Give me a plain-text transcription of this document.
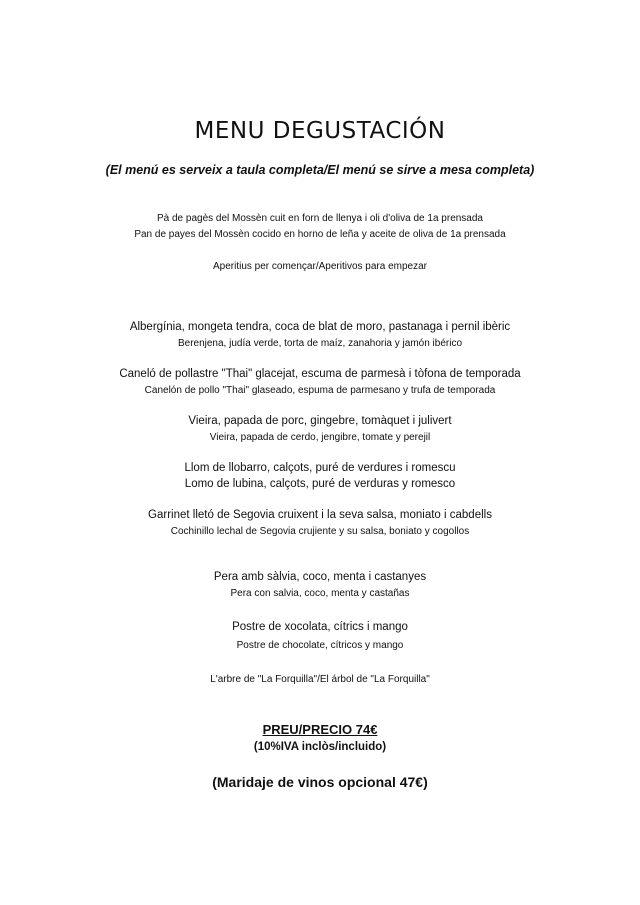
MENU DEGUSTACIÓN
(El menú es serveix a taula completa/El menú se sirve a mesa completa)
Pà de pagès del Mossèn cuit en forn de llenya i oli d'oliva de 1a prensada
Pan de payes del Mossèn cocido en horno de leña y aceite de oliva de 1a prensada
Aperitius per començar/Aperitivos para empezar
Albergínia, mongeta tendra, coca de blat de moro, pastanaga i pernil ibèric
Berenjena, judía verde, torta de maíz, zanahoria y jamón ibérico
Caneló de pollastre "Thai" glacejat, escuma de parmesà i tòfona de temporada
Canelón de pollo "Thai" glaseado, espuma de parmesano y trufa de temporada
Vieira, papada de porc, gingebre, tomàquet i julivert
Vieira, papada de cerdo, jengibre, tomate y perejil
Llom de llobarro, calçots, puré de verdures i romescu
Lomo de lubina, calçots, puré de verduras y romesco
Garrinet lletó de Segovia cruixent i la seva salsa, moniato i cabdells
Cochinillo lechal de Segovia crujiente y su salsa, boniato y cogollos
Pera amb sàlvia, coco, menta i castanyes
Pera con salvia, coco, menta y castañas
Postre de xocolata, cítrics i mango
Postre de chocolate, cítricos y mango
L'arbre de "La Forquilla"/El árbol de "La Forquilla"
PREU/PRECIO 74€
(10%IVA inclòs/incluido)
(Maridaje de vinos opcional 47€)
